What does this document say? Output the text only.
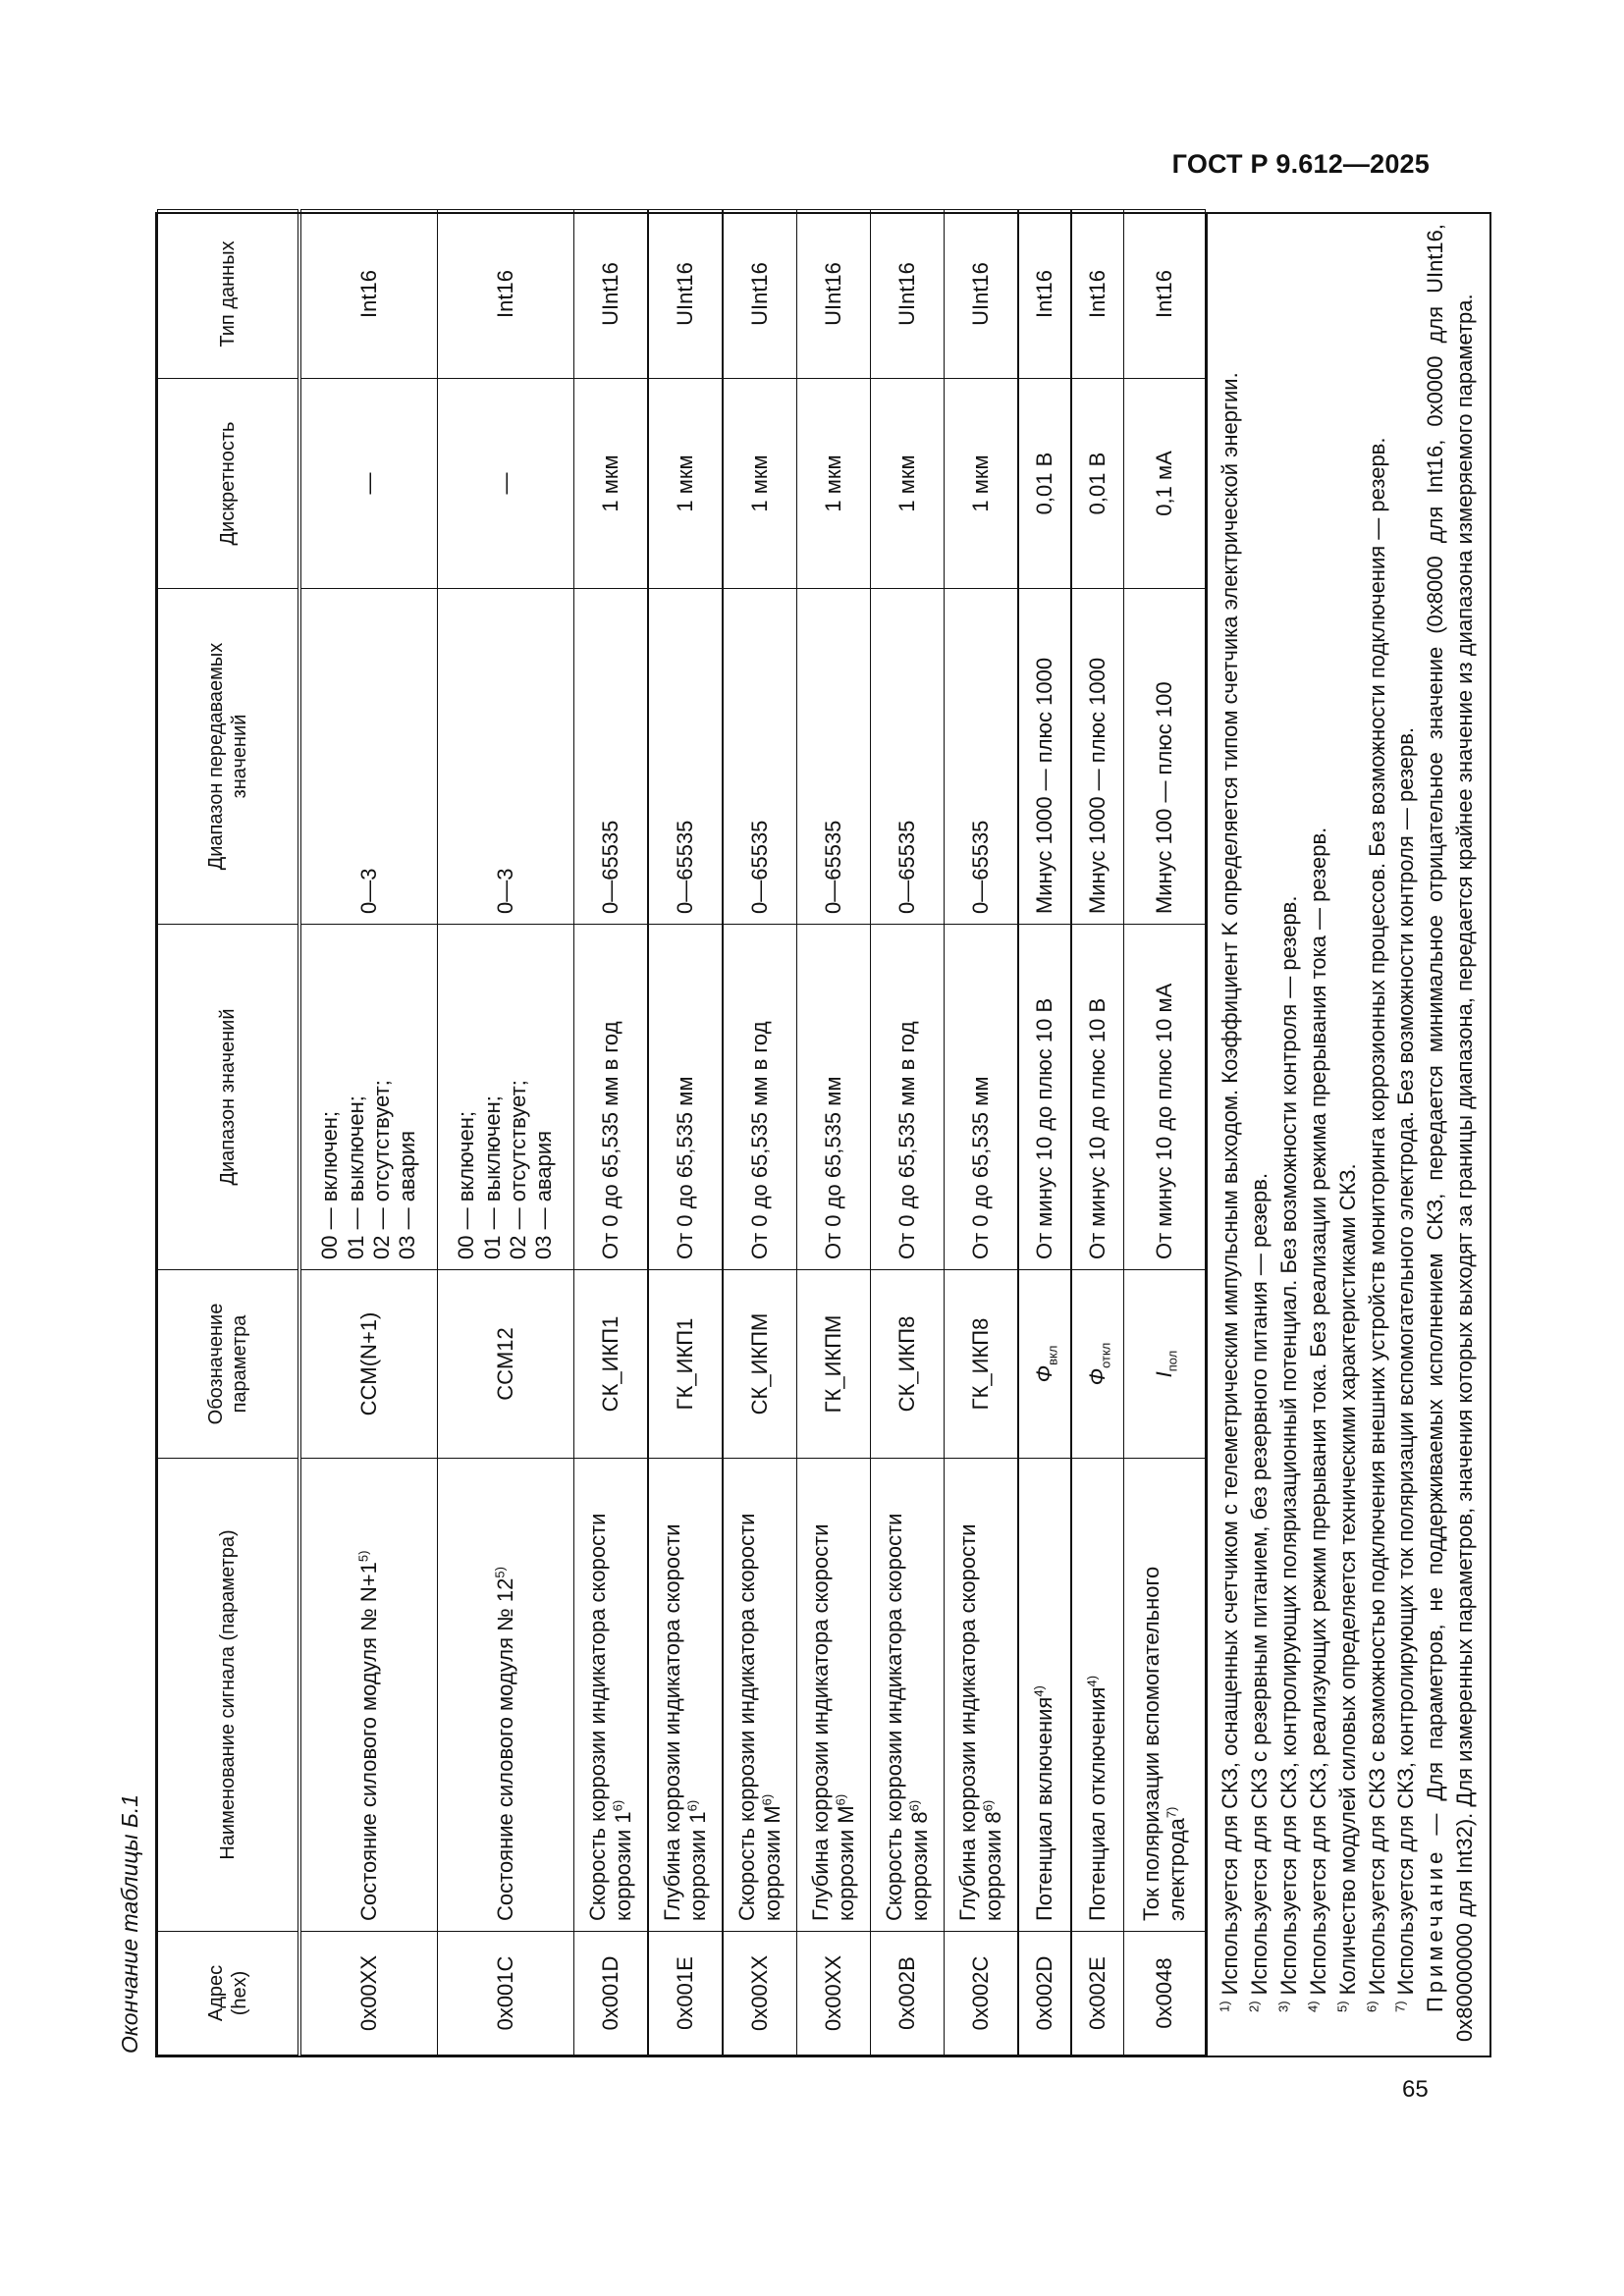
ГОСТ Р 9.612—2025
Окончание таблицы Б.1	Адрес (hex)	Наименование сигнала (параметра)	Обозначение параметра	Диапазон значений	Диапазон передаваемых значений	Дискретность	Тип данных
0x00XX	Состояние силового модуля № $N+1^{5)}$	CCM(N+1)	00 — включен; 01 — выключен; 02 — отсутствует; 03 — авария	0—3	—	Int16
0x001C	Состояние силового модуля № 12$^{5)}$	CCM12	00 — включен; 01 — выключен; 02 — отсутствует; 03 — авария	0—3	—	Int16
0x001D	Скорость коррозии индикатора скорости коррозии 1$^{6)}$	СК_ИКП1	От 0 до 65,535 мм в год	0—65535	1 мкм	UInt16
0x001E	Глубина коррозии индикатора скорости коррозии 1$^{6)}$	ГК_ИКП1	От 0 до 65,535 мм	0—65535	1 мкм	UInt16
0x00XX	Скорость коррозии индикатора скорости коррозии $M^{6)}$	СК_ИКПМ	От 0 до 65,535 мм в год	0—65535	1 мкм	UInt16
0x00XX	Глубина коррозии индикатора скорости коррозии $M^{6)}$	ГК_ИКПМ	От 0 до 65,535 мм	0—65535	1 мкм	UInt16
0x002B	Скорость коррозии индикатора скорости коррозии 8$^{6)}$	СК_ИКП8	От 0 до 65,535 мм в год	0—65535	1 мкм	UInt16
0x002C	Глубина коррозии индикатора скорости коррозии 8$^{6)}$	ГК_ИКП8	От 0 до 65,535 мм	0—65535	1 мкм	UInt16
0x002D	Потенциал включения$^{4)}$	$Ф_{вкл}$	От минус 10 до плюс 10 В	Минус 1000 — плюс 1000	0,01 В	Int16
0x002E	Потенциал отключения$^{4)}$	$Ф_{откл}$	От минус 10 до плюс 10 В	Минус 1000 — плюс 1000	0,01 В	Int16
0x0048	Ток поляризации вспомогательного электрода$^{7)}$	$I_{пол}$	От минус 10 до плюс 10 мА	Минус 100 — плюс 100	0,1 мА	Int16

$^{1)}$ Используется для СКЗ, оснащенных счетчиком с телеметрическим импульсным выходом. Коэффициент K определяется типом счетчика электрической энергии.

$^{2)}$ Используется для СКЗ с резервным питанием, без резервного питания — резерв.

$^{3)}$ Используется для СКЗ, контролирующих поляризационный потенциал. Без возможности контроля — резерв.

$^{4)}$ Используется для СКЗ, реализующих режим прерывания тока. Без реализации режима прерывания тока — резерв.

$^{5)}$ Количество модулей силовых определяется техническими характеристиками СКЗ.

$^{6)}$ Используется для СКЗ с возможностью подключения внешних устройств мониторинга коррозионных процессов. Без возможности подключения — резерв.

$^{7)}$ Используется для СКЗ, контролирующих ток поляризации вспомогательного электрода. Без возможности контроля — резерв. Примечание — Для параметров, не поддерживаемых исполнением СКЗ, передается минимальное отрицательное значение (0x8000 для Int16, 0x0000 для UInt16, 0x80000000 для Int32). Для измеренных параметров, значения которых выходят за границы диапазона, передается крайнее значение из диапазона измеряемого параметра.

65
